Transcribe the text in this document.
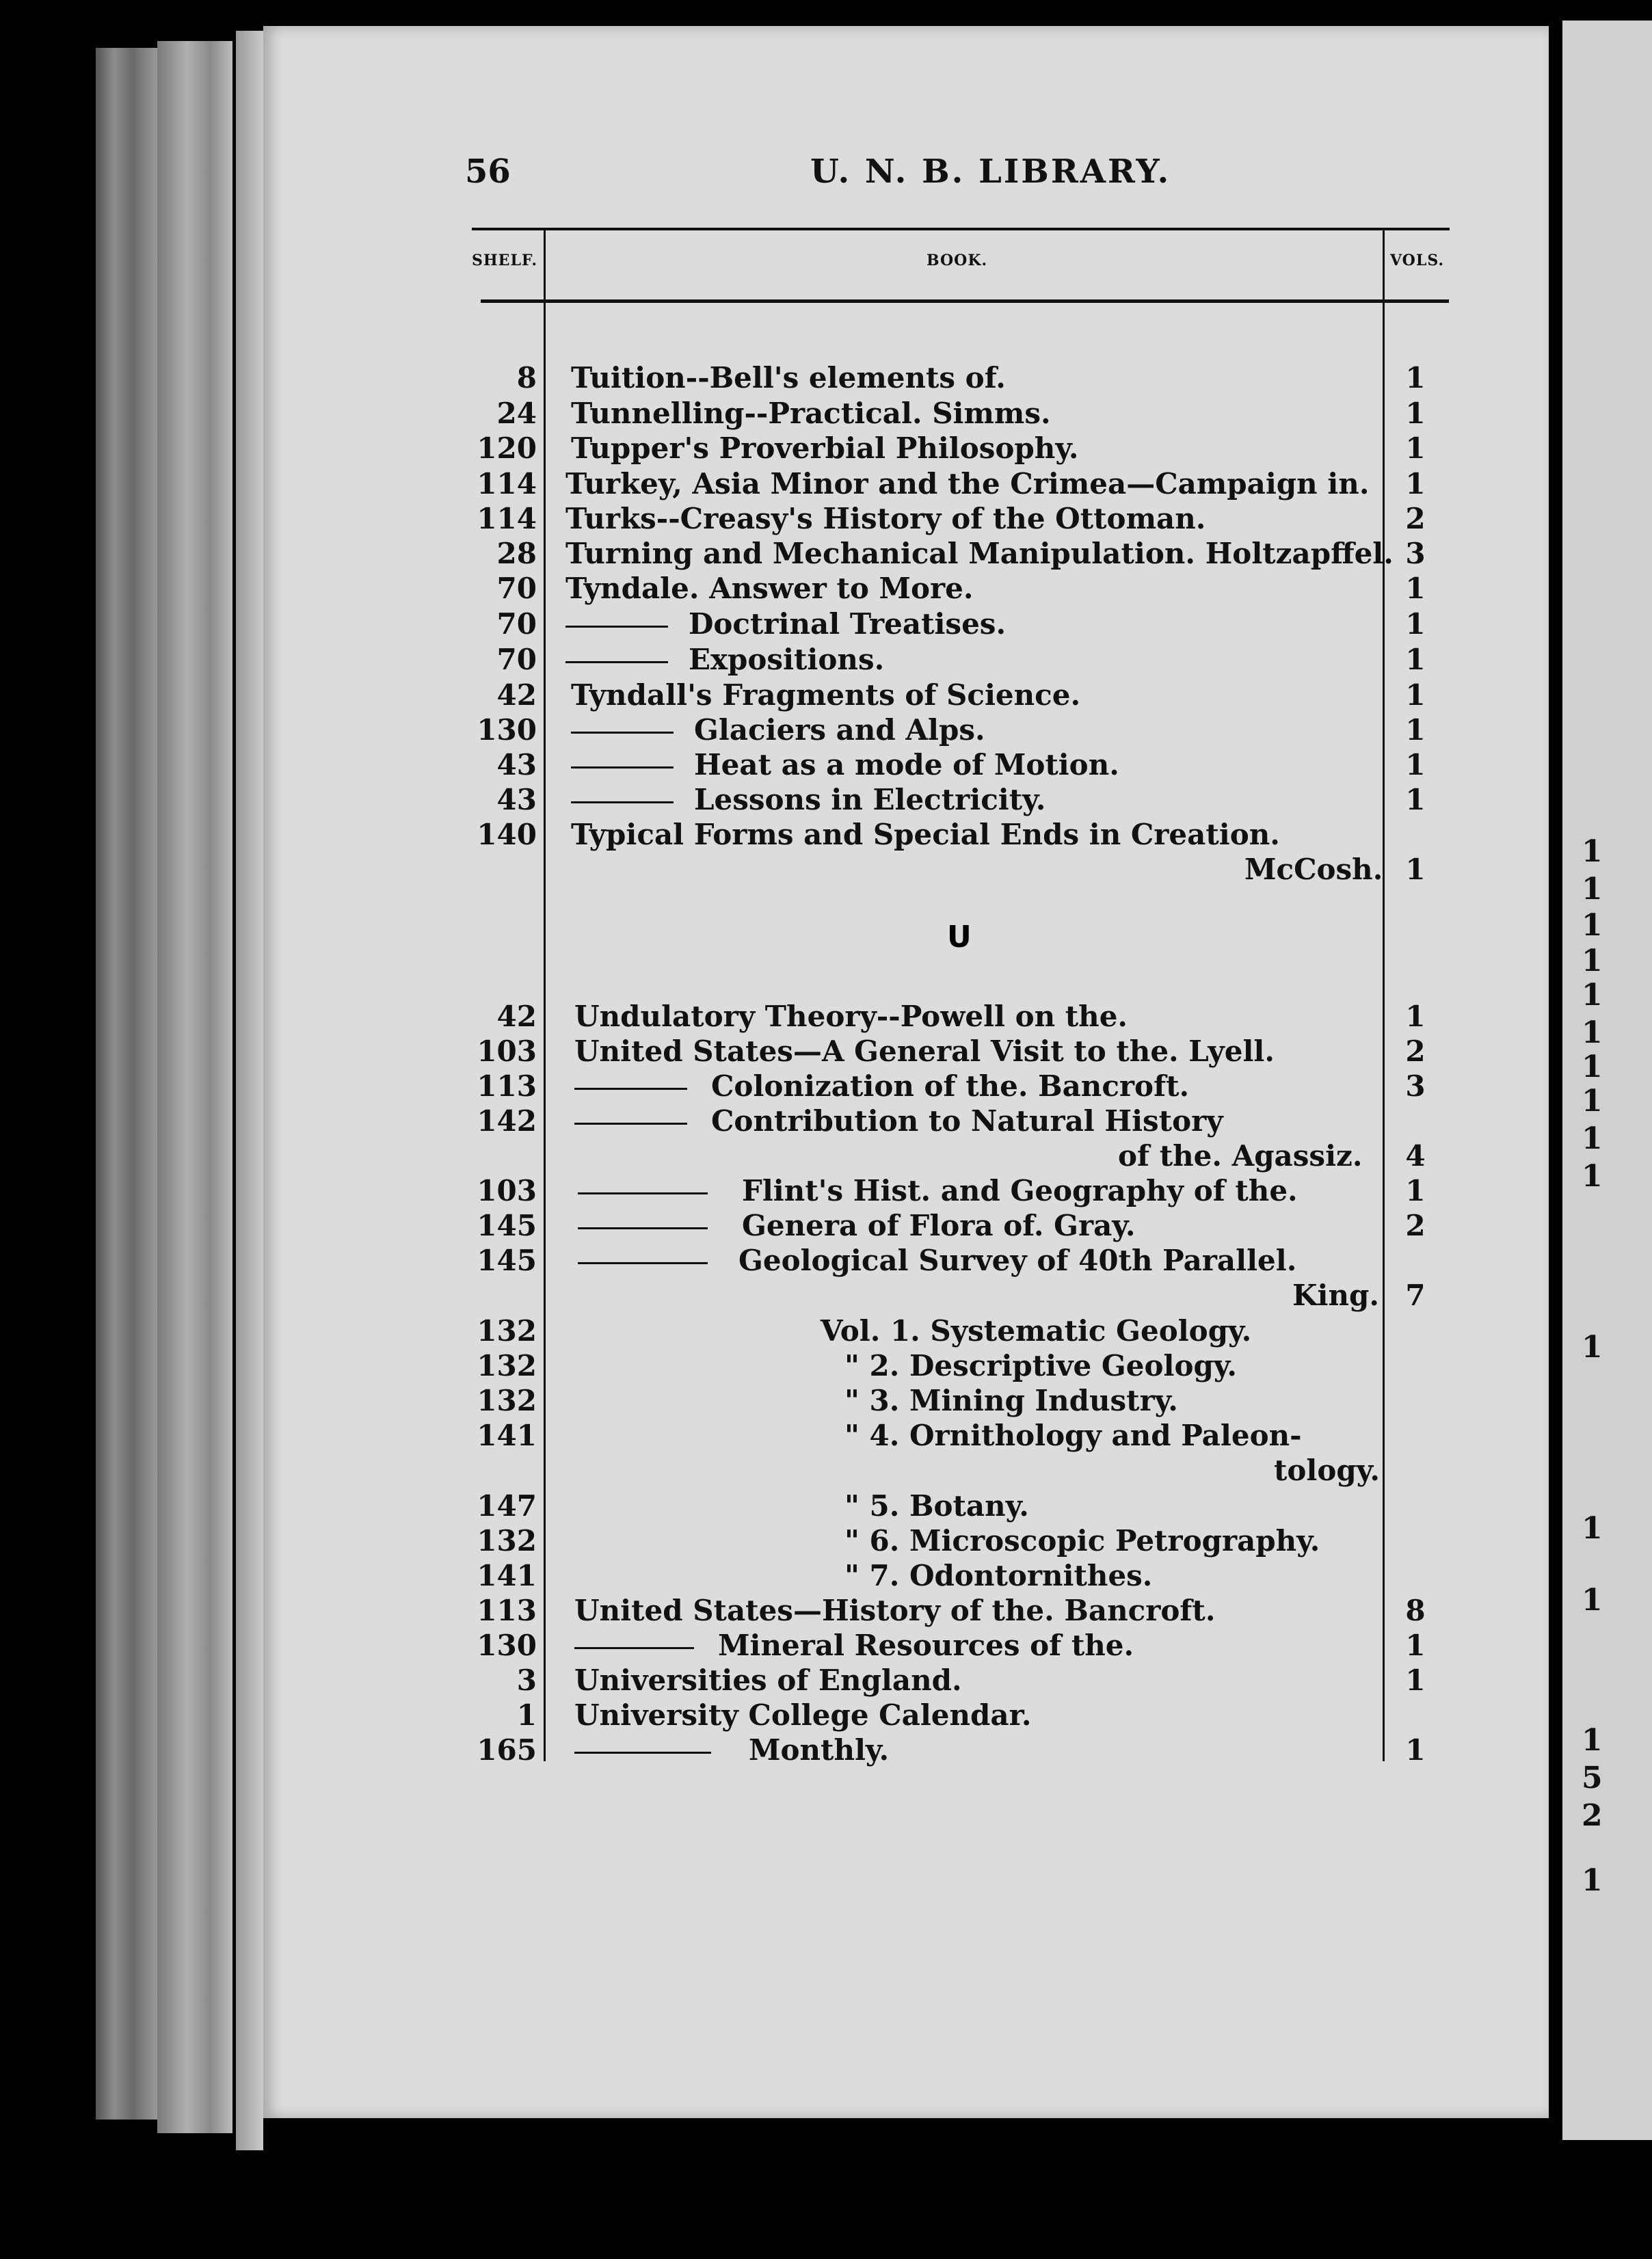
1
1
1
1
1
1
1
1
1
1
1
1
1
1
5
2
1
56	U. N. B. LIBRARY.
SHELF.	BOOK.	VOLS.
8 Tuition--Bell's elements of.	1
24 Tunnelling--Practical. Simms.	1
120 Tupper's Proverbial Philosophy.	1
114 Turkey, Asia Minor and the Crimea—Campaign in.	1
114 Turks--Creasy's History of the Ottoman.	2
28 Turning and Mechanical Manipulation. Holtzapffel. 3
70 Tyndale. Answer to More.	1
70	Doctrinal Treatises.	1
70	Expositions.	1
42 Tyndall's Fragments of Science.	1
130	Glaciers and Alps.	1
43	Heat as a mode of Motion.	1
43	Lessons in Electricity.	1
140 Typical Forms and Special Ends in Creation.
McCosh. 1
U
42 Undulatory Theory--Powell on the.	1
103 United States—A General Visit to the. Lyell.	2
113	Colonization of the. Bancroft.	3
142	Contribution to Natural History
of the. Agassiz.	4
103	Flint's Hist. and Geography of the.	1
145	Genera of Flora of. Gray.	2
145	Geological Survey of 40th Parallel.
King. 7
132	Vol. 1. Systematic Geology.
132	" 2. Descriptive Geology.
132	" 3. Mining Industry.
141	" 4. Ornithology and Paleon-
tology.
147	" 5. Botany.
132	" 6. Microscopic Petrography.
141	" 7. Odontornithes.
113 United States—History of the. Bancroft.	8
130	Mineral Resources of the.	1
3 Universities of England.	1
1 University College Calendar.
165	Monthly.	1
